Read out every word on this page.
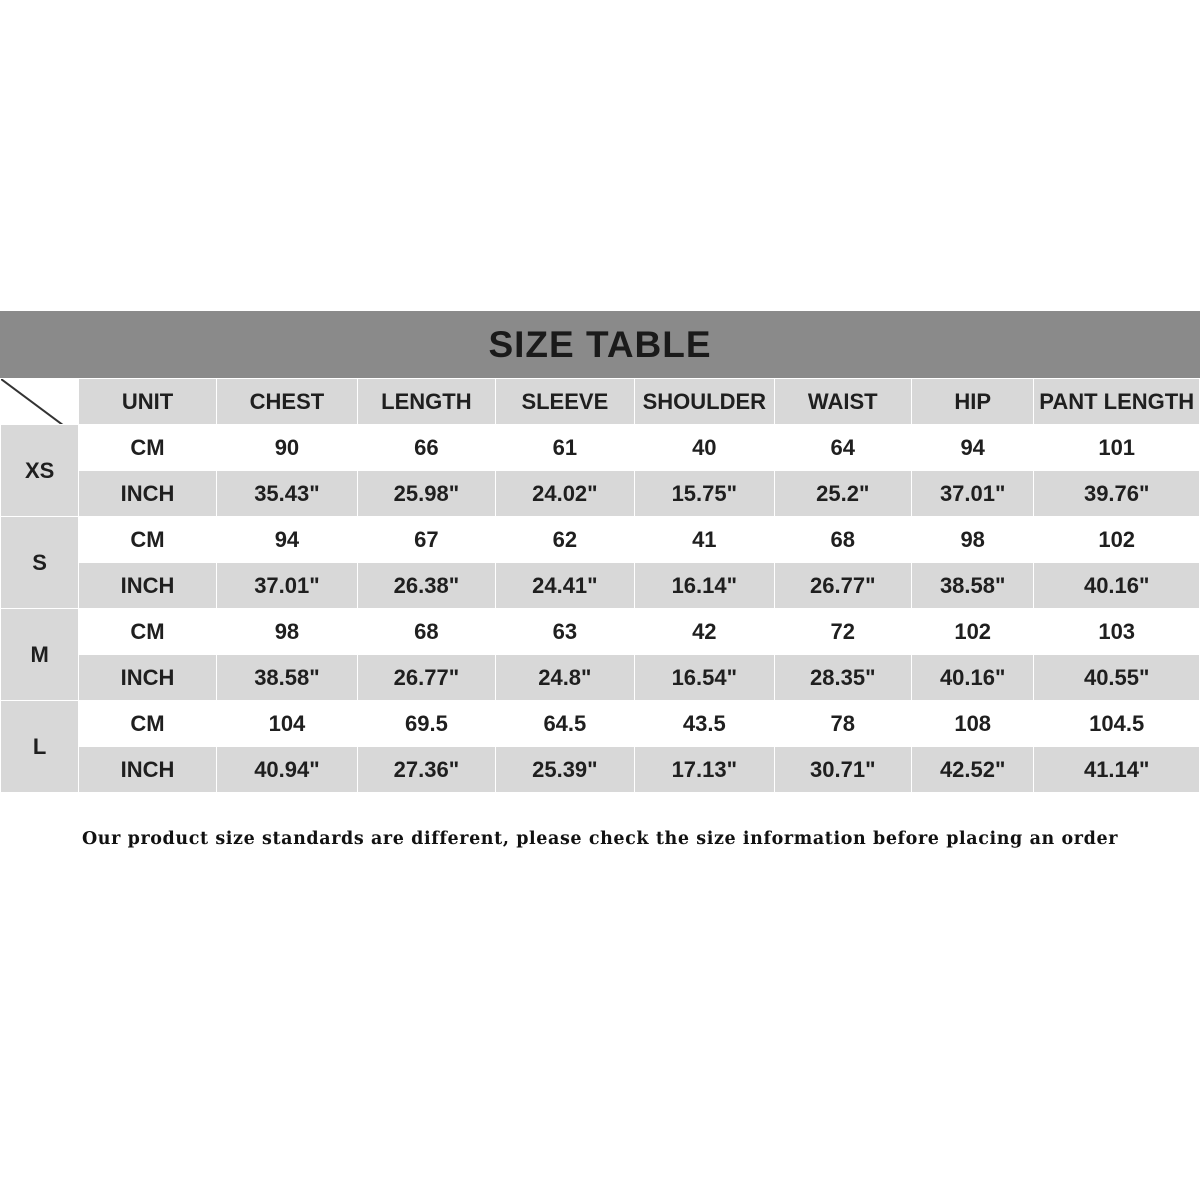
SIZE TABLE
	UNIT	CHEST	LENGTH	SLEEVE	SHOULDER	WAIST	HIP	PANT LENGTH
XS	CM	90	66	61	40	64	94	101
	INCH	35.43"	25.98"	24.02"	15.75"	25.2"	37.01"	39.76"
S	CM	94	67	62	41	68	98	102
	INCH	37.01"	26.38"	24.41"	16.14"	26.77"	38.58"	40.16"
M	CM	98	68	63	42	72	102	103
	INCH	38.58"	26.77"	24.8"	16.54"	28.35"	40.16"	40.55"
L	CM	104	69.5	64.5	43.5	78	108	104.5
	INCH	40.94"	27.36"	25.39"	17.13"	30.71"	42.52"	41.14"
Our product size standards are different, please check the size information before placing an order
